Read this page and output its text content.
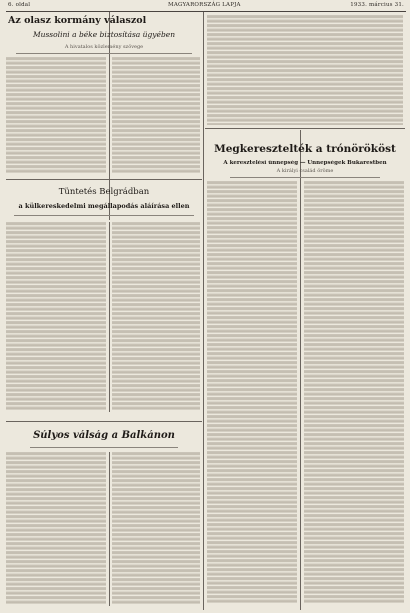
6. oldal	MAGYARORSZÁG LAPJA	1933. március 31.
Az olasz kormány válaszol
Mussolini a béke biztosítása ügyében
A hivatalos közlemény szövege
Tüntetés Belgrádban
a külkereskedelmi megállapodás aláírása ellen
Súlyos válság a Balkánon
Megkeresztelték a trónörököst
A keresztelési ünnepség — Ünnepségek Bukarestben
A királyi család öröme
